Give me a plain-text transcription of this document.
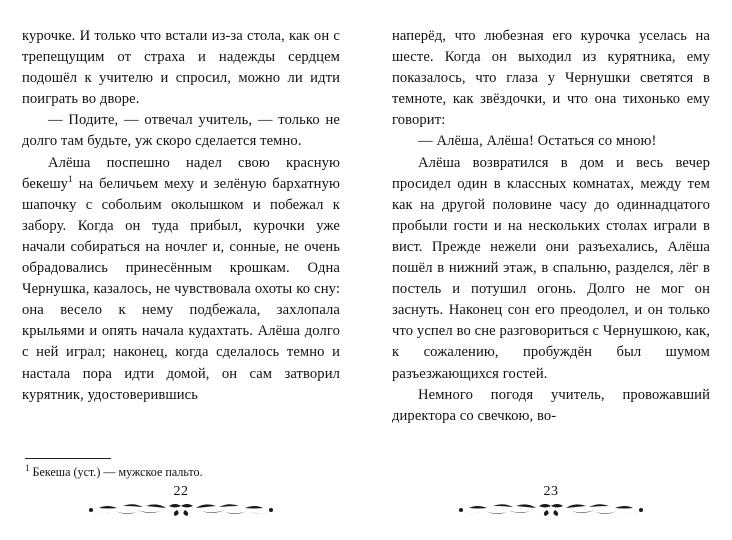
курочке. И только что встали из-за стола, как он с трепещущим от страха и надежды сердцем подошёл к учителю и спросил, можно ли идти поиграть во дворе.

— Подите, — отвечал учитель, — только не долго там будьте, уж скоро сделается темно.

Алёша поспешно надел свою красную бекешу$^1$ на беличьем меху и зелёную бархатную шапочку с собольим околышком и побежал к забору. Когда он туда прибыл, курочки уже начали собираться на ночлег и, сонные, не очень обрадовались принесённым крошкам. Одна Чернушка, казалось, не чувствовала охоты ко сну: она весело к нему подбежала, захлопала крыльями и опять начала кудахтать. Алёша долго с ней играл; наконец, когда сделалось темно и настала пора идти домой, он сам затворил курятник, удостоверившись

$^1$ Бекеша (уст.) — мужское пальто.
22

наперёд, что любезная его курочка уселась на шесте. Когда он выходил из курятника, ему показалось, что глаза у Чернушки светятся в темноте, как звёздочки, и что она тихонько ему говорит:

— Алёша, Алёша! Остаться со мною!

Алёша возвратился в дом и весь вечер просидел один в классных комнатах, между тем как на другой половине часу до одиннадцатого пробыли гости и на нескольких столах играли в вист. Прежде нежели они разъехались, Алёша пошёл в нижний этаж, в спальню, разделся, лёг в постель и потушил огонь. Долго не мог он заснуть. Наконец сон его преодолел, и он только что успел во сне разговориться с Чернушкою, как, к сожалению, пробуждён был шумом разъезжающихся гостей.

Немного погодя учитель, провожавший директора со свечкою, во-

23
